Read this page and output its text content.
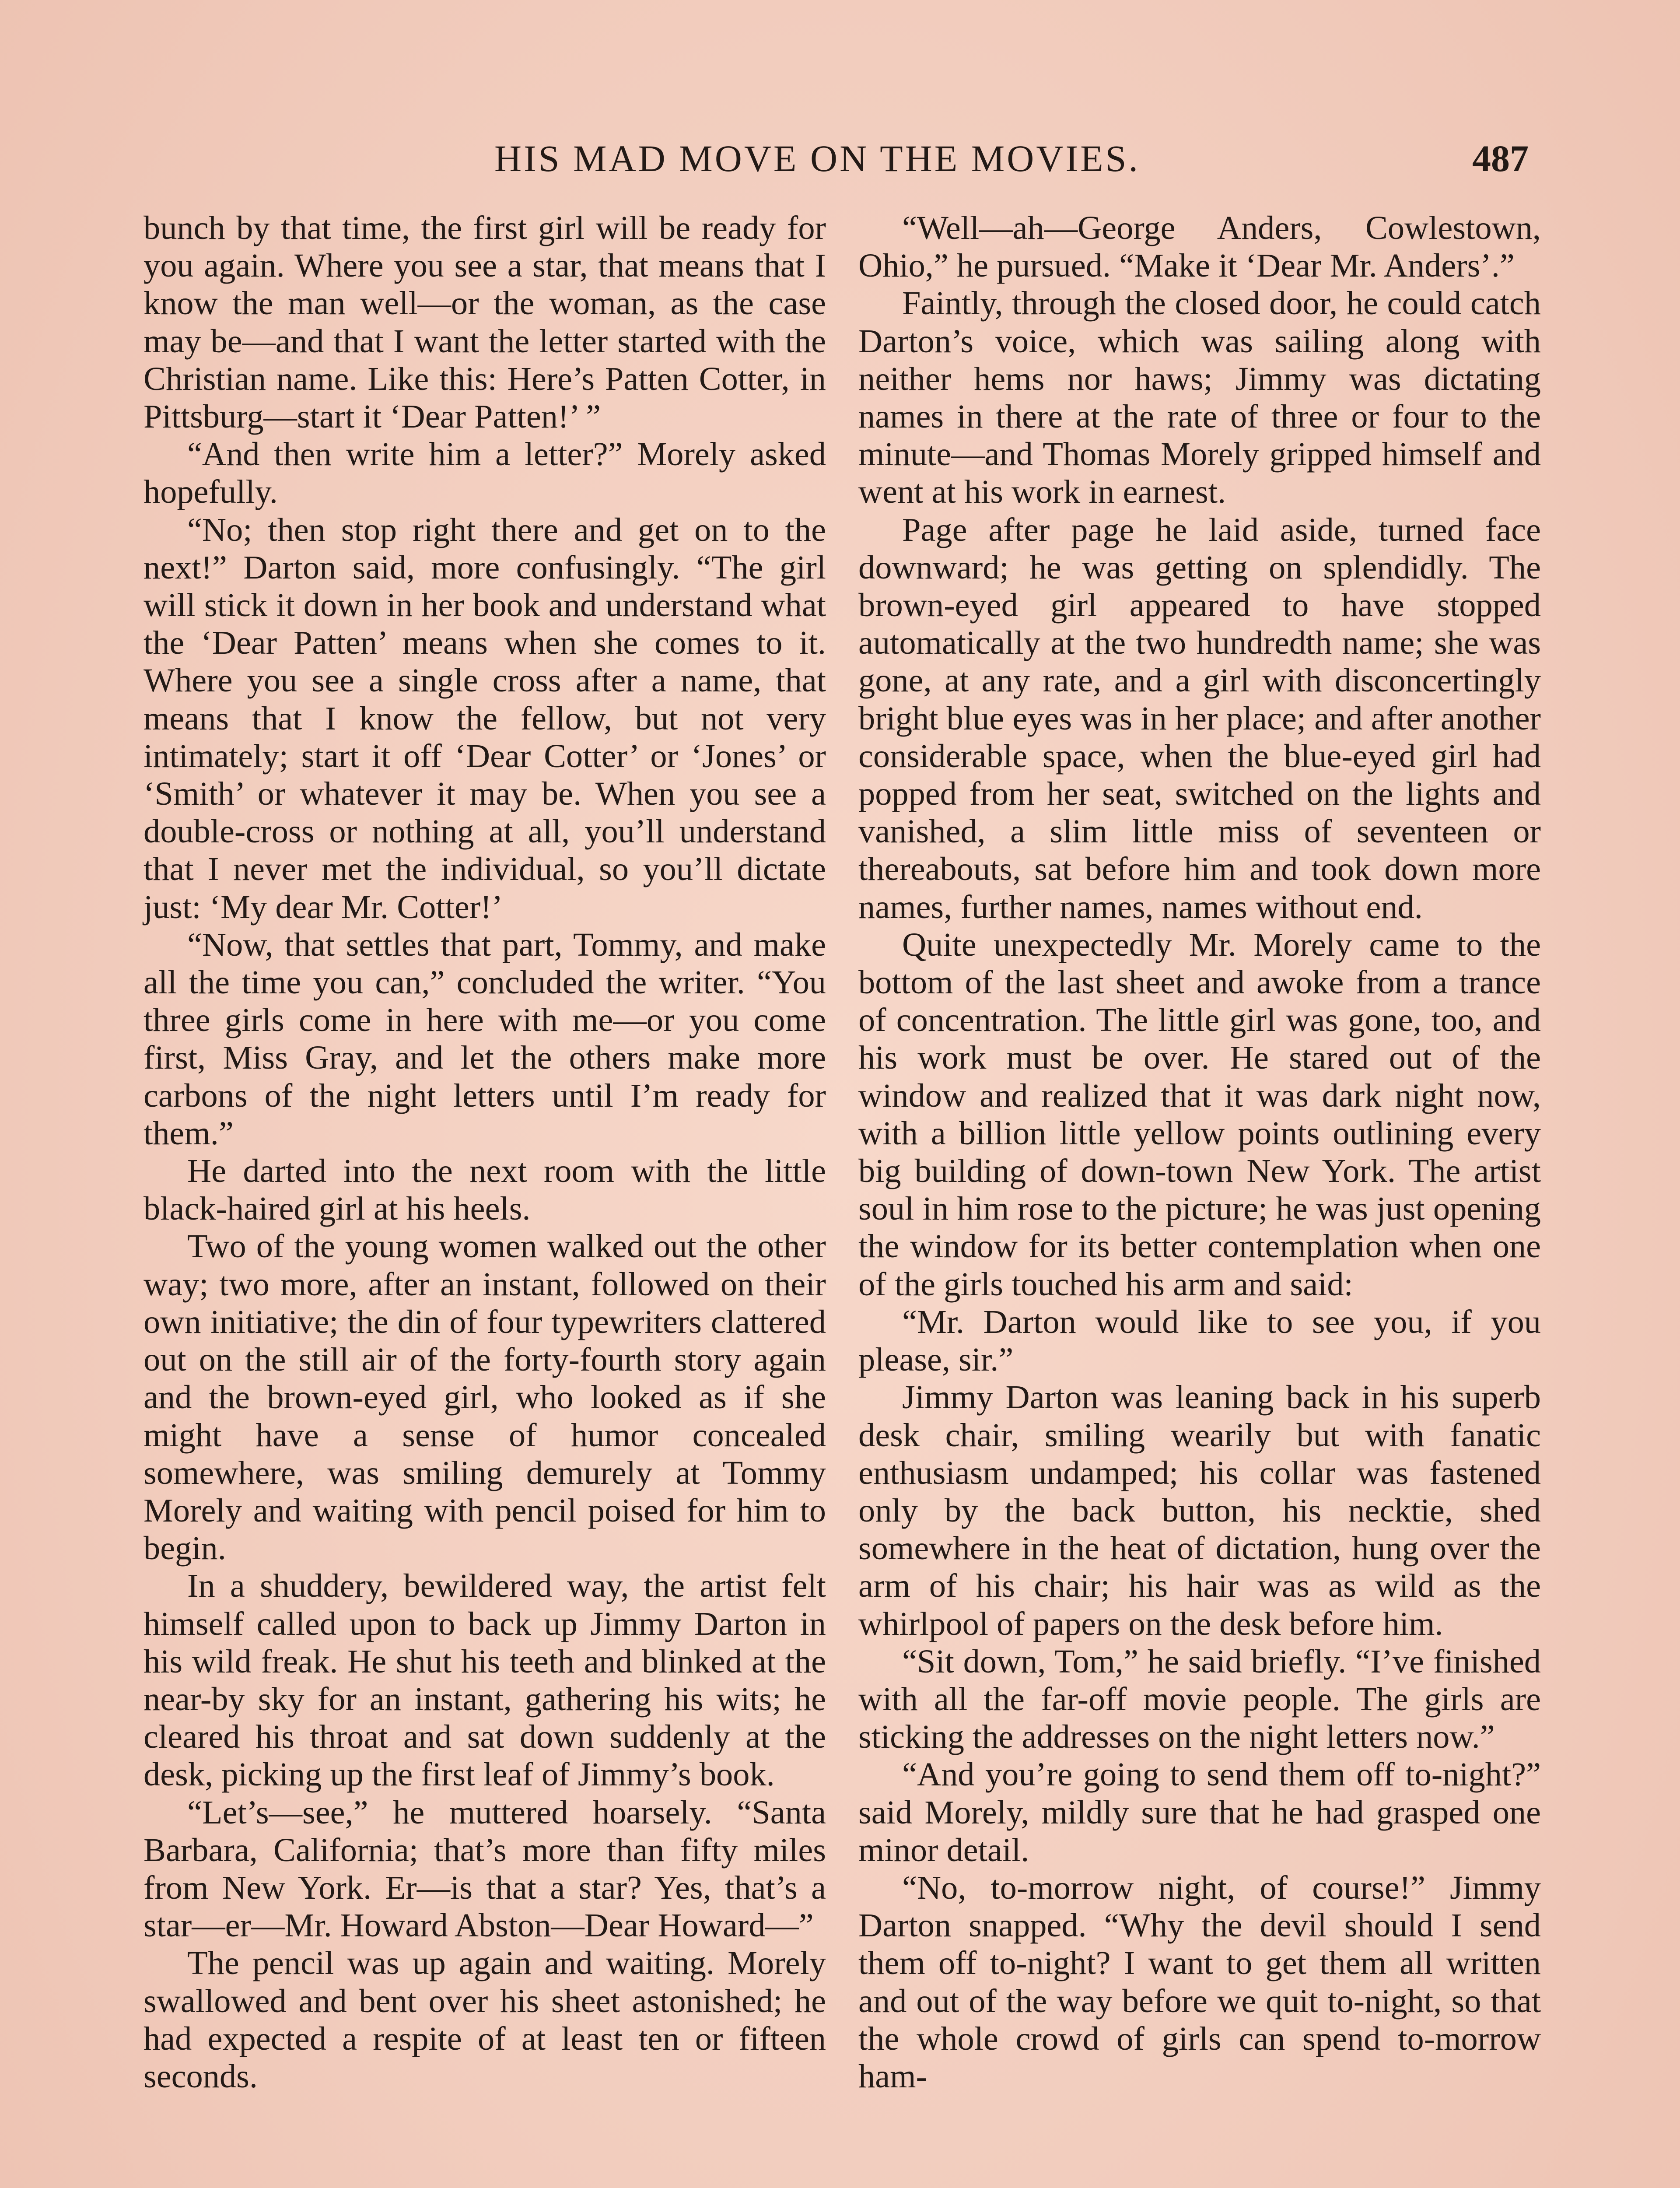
HIS MAD MOVE ON THE MOVIES.	487

bunch by that time, the first girl will be ready for you again. Where you see a star, that means that I know the man well—or the woman, as the case may be—and that I want the letter started with the Christian name. Like this: Here’s Patten Cotter, in Pittsburg—start it ‘Dear Patten!’ ”

“And then write him a letter?” Morely asked hopefully.

“No; then stop right there and get on to the next!” Darton said, more confusingly. “The girl will stick it down in her book and understand what the ‘Dear Patten’ means when she comes to it. Where you see a single cross after a name, that means that I know the fellow, but not very intimately; start it off ‘Dear Cotter’ or ‘Jones’ or ‘Smith’ or whatever it may be. When you see a double-cross or nothing at all, you’ll understand that I never met the individual, so you’ll dictate just: ‘My dear Mr. Cotter!’

“Now, that settles that part, Tommy, and make all the time you can,” concluded the writer. “You three girls come in here with me—or you come first, Miss Gray, and let the others make more carbons of the night letters until I’m ready for them.”

He darted into the next room with the little black-haired girl at his heels.

Two of the young women walked out the other way; two more, after an instant, followed on their own initiative; the din of four typewriters clattered out on the still air of the forty-fourth story again and the brown-eyed girl, who looked as if she might have a sense of humor concealed somewhere, was smiling demurely at Tommy Morely and waiting with pencil poised for him to begin.

In a shuddery, bewildered way, the artist felt himself called upon to back up Jimmy Darton in his wild freak. He shut his teeth and blinked at the near-by sky for an instant, gathering his wits; he cleared his throat and sat down suddenly at the desk, picking up the first leaf of Jimmy’s book.

“Let’s—see,” he muttered hoarsely. “Santa Barbara, California; that’s more than fifty miles from New York. Er—is that a star? Yes, that’s a star—er—Mr. Howard Abston—Dear Howard—”

The pencil was up again and waiting. Morely swallowed and bent over his sheet astonished; he had expected a respite of at least ten or fifteen seconds.

“Well—ah—George Anders, Cowlestown, Ohio,” he pursued. “Make it ‘Dear Mr. Anders’.”

Faintly, through the closed door, he could catch Darton’s voice, which was sailing along with neither hems nor haws; Jimmy was dictating names in there at the rate of three or four to the minute—and Thomas Morely gripped himself and went at his work in earnest.

Page after page he laid aside, turned face downward; he was getting on splendidly. The brown-eyed girl appeared to have stopped automatically at the two hundredth name; she was gone, at any rate, and a girl with disconcertingly bright blue eyes was in her place; and after another considerable space, when the blue-eyed girl had popped from her seat, switched on the lights and vanished, a slim little miss of seventeen or thereabouts, sat before him and took down more names, further names, names without end.

Quite unexpectedly Mr. Morely came to the bottom of the last sheet and awoke from a trance of concentration. The little girl was gone, too, and his work must be over. He stared out of the window and realized that it was dark night now, with a billion little yellow points outlining every big building of down-town New York. The artist soul in him rose to the picture; he was just opening the window for its better contemplation when one of the girls touched his arm and said:

“Mr. Darton would like to see you, if you please, sir.”

Jimmy Darton was leaning back in his superb desk chair, smiling wearily but with fanatic enthusiasm undamped; his collar was fastened only by the back button, his necktie, shed somewhere in the heat of dictation, hung over the arm of his chair; his hair was as wild as the whirlpool of papers on the desk before him.

“Sit down, Tom,” he said briefly. “I’ve finished with all the far-off movie people. The girls are sticking the addresses on the night letters now.”

“And you’re going to send them off to-night?” said Morely, mildly sure that he had grasped one minor detail.

“No, to-morrow night, of course!” Jimmy Darton snapped. “Why the devil should I send them off to-night? I want to get them all written and out of the way before we quit to-night, so that the whole crowd of girls can spend to-morrow ham-
